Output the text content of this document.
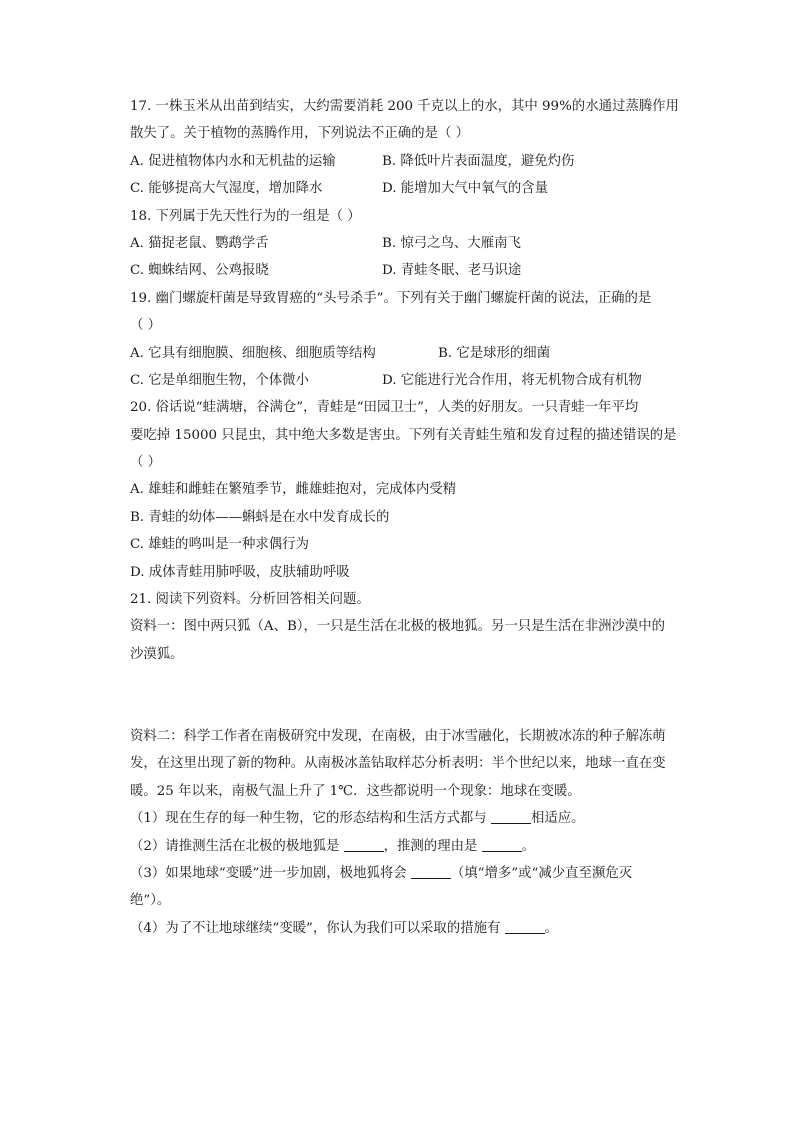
17. 一株玉米从出苗到结实，大约需要消耗 200 千克以上的水，其中 99%的水通过蒸腾作用
散失了。关于植物的蒸腾作用，下列说法不正确的是（ ）
A. 促进植物体内水和无机盐的运输	B. 降低叶片表面温度，避免灼伤
C. 能够提高大气湿度，增加降水	D. 能增加大气中氧气的含量
18. 下列属于先天性行为的一组是（ ）
A. 猫捉老鼠、鹦鹉学舌	B. 惊弓之鸟、大雁南飞
C. 蜘蛛结网、公鸡报晓	D. 青蛙冬眠、老马识途
19. 幽门螺旋杆菌是导致胃癌的“头号杀手”。下列有关于幽门螺旋杆菌的说法，正确的是
（ ）
A. 它具有细胞膜、细胞核、细胞质等结构	B. 它是球形的细菌
C. 它是单细胞生物，个体微小	D. 它能进行光合作用，将无机物合成有机物
20. 俗话说“蛙满塘，谷满仓”，青蛙是“田园卫士”，人类的好朋友。一只青蛙一年平均
要吃掉 15000 只昆虫，其中绝大多数是害虫。下列有关青蛙生殖和发育过程的描述错误的是
（ ）
A. 雄蛙和雌蛙在繁殖季节，雌雄蛙抱对，完成体内受精
B. 青蛙的幼体——蝌蚪是在水中发育成长的
C. 雄蛙的鸣叫是一种求偶行为
D. 成体青蛙用肺呼吸，皮肤辅助呼吸
21. 阅读下列资料。分析回答相关问题。
资料一：图中两只狐（A、B），一只是生活在北极的极地狐。另一只是生活在非洲沙漠中的
沙漠狐。
资料二：科学工作者在南极研究中发现，在南极，由于冰雪融化，长期被冰冻的种子解冻萌
发，在这里出现了新的物种。从南极冰盖钻取样芯分析表明：半个世纪以来，地球一直在变
暖。25 年以来，南极气温上升了 1℃．这些都说明一个现象：地球在变暖。
（1）现在生存的每一种生物，它的形态结构和生活方式都与	相适应。
（2）请推测生活在北极的极地狐是	，推测的理由是	。
（3）如果地球“变暖”进一步加剧，极地狐将会	（填“增多”或“减少直至濒危灭
绝”）。
（4）为了不让地球继续“变暖”，你认为我们可以采取的措施有	。
